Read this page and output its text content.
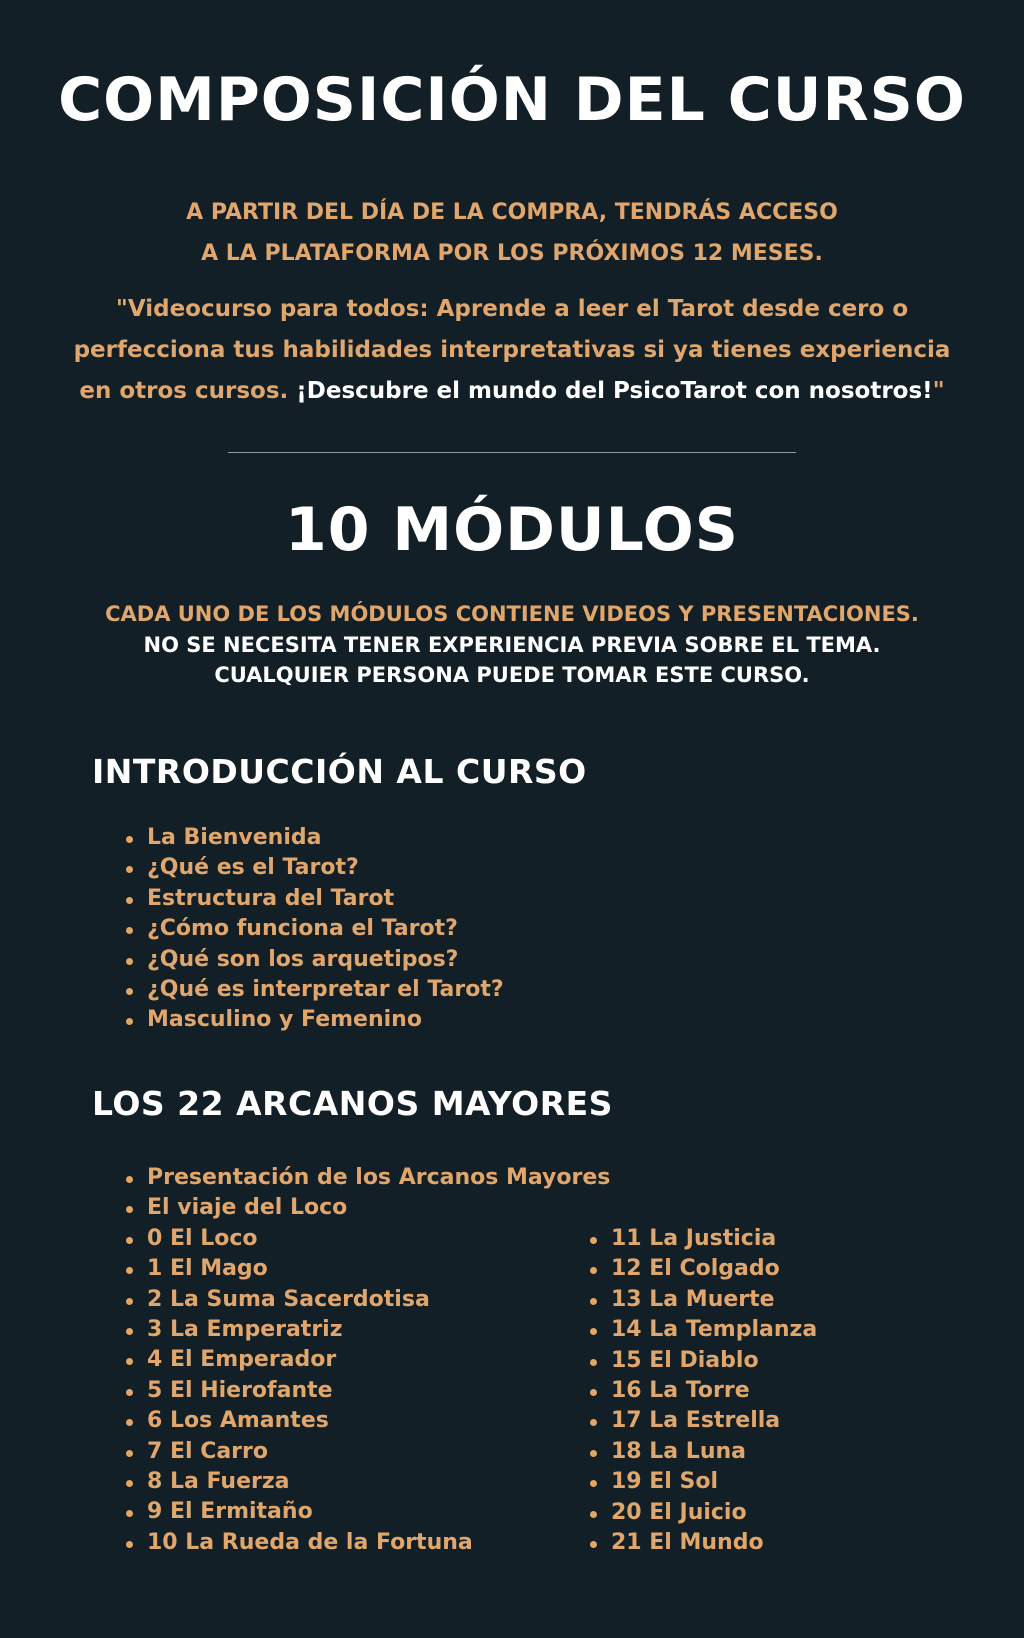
COMPOSICIÓN DEL CURSO
A PARTIR DEL DÍA DE LA COMPRA, TENDRÁS ACCESO
A LA PLATAFORMA POR LOS PRÓXIMOS 12 MESES.

"Videocurso para todos: Aprende a leer el Tarot desde cero o perfecciona tus habilidades interpretativas si ya tienes experiencia en otros cursos. ¡Descubre el mundo del PsicoTarot con nosotros!"

10 MÓDULOS
CADA UNO DE LOS MÓDULOS CONTIENE VIDEOS Y PRESENTACIONES.
NO SE NECESITA TENER EXPERIENCIA PREVIA SOBRE EL TEMA.
CUALQUIER PERSONA PUEDE TOMAR ESTE CURSO.
INTRODUCCIÓN AL CURSO
La Bienvenida
¿Qué es el Tarot?
Estructura del Tarot
¿Cómo funciona el Tarot?
¿Qué son los arquetipos?
¿Qué es interpretar el Tarot?
Masculino y Femenino
LOS 22 ARCANOS MAYORES
Presentación de los Arcanos Mayores
El viaje del Loco
0 El Loco
1 El Mago
2 La Suma Sacerdotisa
3 La Emperatriz
4 El Emperador
5 El Hierofante
6 Los Amantes
7 El Carro
8 La Fuerza
9 El Ermitaño
10 La Rueda de la Fortuna
11 La Justicia
12 El Colgado
13 La Muerte
14 La Templanza
15 El Diablo
16 La Torre
17 La Estrella
18 La Luna
19 El Sol
20 El Juicio
21 El Mundo
